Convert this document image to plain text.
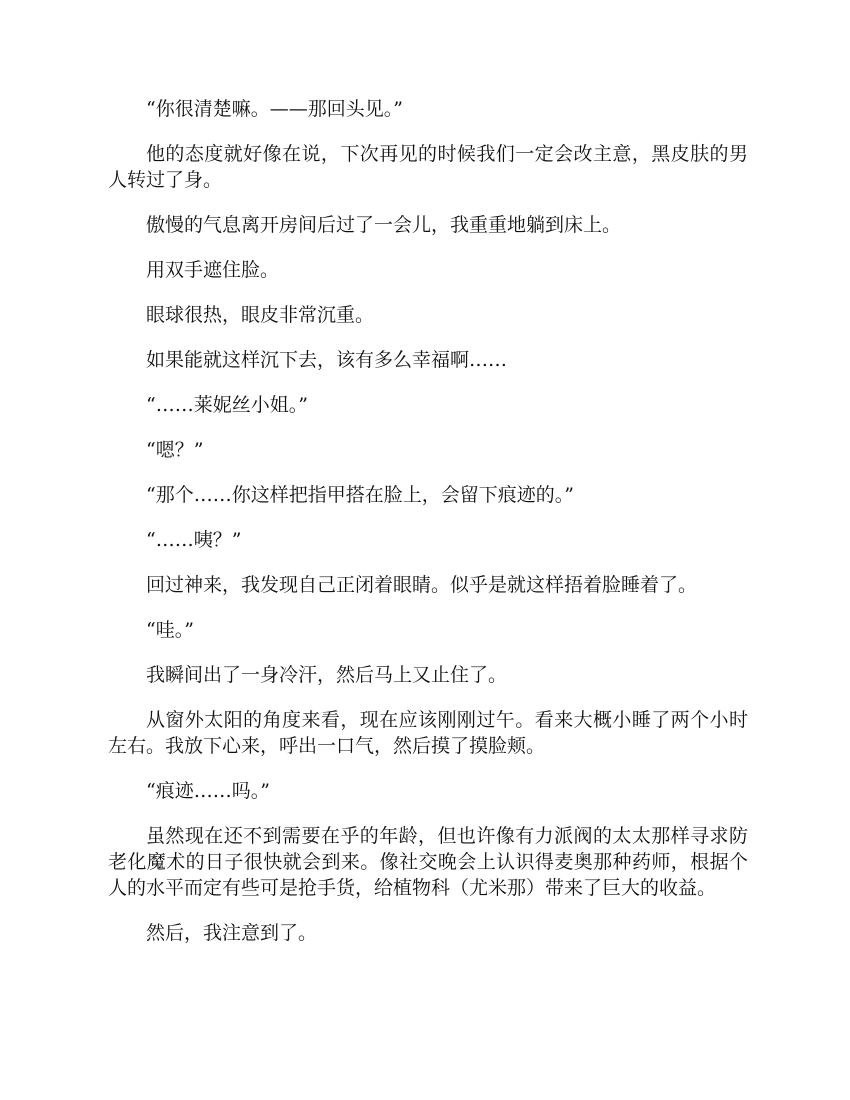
“你很清楚嘛。——那回头见。”

他的态度就好像在说，下次再见的时候我们一定会改主意，黑皮肤的男人转过了身。

傲慢的气息离开房间后过了一会儿，我重重地躺到床上。

用双手遮住脸。

眼球很热，眼皮非常沉重。

如果能就这样沉下去，该有多么幸福啊……

“……莱妮丝小姐。”

“嗯？”

“那个……你这样把指甲搭在脸上，会留下痕迹的。”

“……咦？”

回过神来，我发现自己正闭着眼睛。似乎是就这样捂着脸睡着了。

“哇。”

我瞬间出了一身冷汗，然后马上又止住了。

从窗外太阳的角度来看，现在应该刚刚过午。看来大概小睡了两个小时左右。我放下心来，呼出一口气，然后摸了摸脸颊。

“痕迹……吗。”

虽然现在还不到需要在乎的年龄，但也许像有力派阀的太太那样寻求防老化魔术的日子很快就会到来。像社交晚会上认识得麦奥那种药师，根据个人的水平而定有些可是抢手货，给植物科（尤米那）带来了巨大的收益。

然后，我注意到了。
